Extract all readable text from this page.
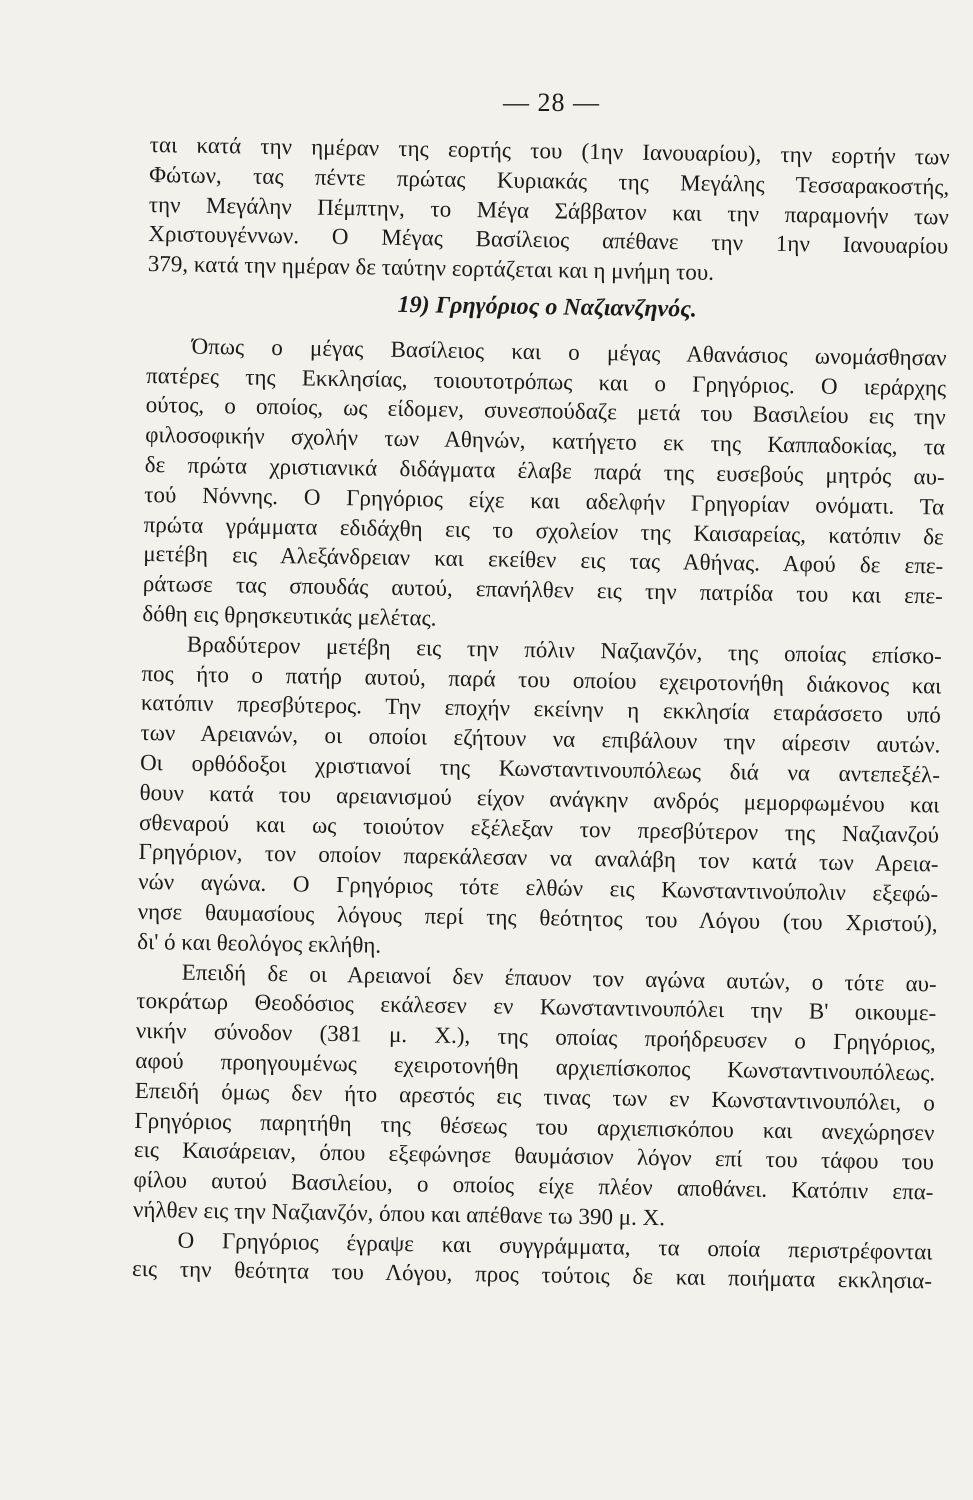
— 28 —
ται κατά την ημέραν της εορτής του (1ην Ιανουαρίου), την εορτήν των
Φώτων, τας πέντε πρώτας Κυριακάς της Μεγάλης Τεσσαρακοστής,
την Μεγάλην Πέμπτην, το Μέγα Σάββατον και την παραμονήν των
Χριστουγέννων. Ο Μέγας Βασίλειος απέθανε την 1ην Ιανουαρίου
379, κατά την ημέραν δε ταύτην εορτάζεται και η μνήμη του.
19) Γρηγόριος ο Ναζιανζηνός.
Όπως ο μέγας Βασίλειος και ο μέγας Αθανάσιος ωνομάσθησαν
πατέρες της Εκκλησίας, τοιουτοτρόπως και ο Γρηγόριος. Ο ιεράρχης
ούτος, ο οποίος, ως είδομεν, συνεσπούδαζε μετά του Βασιλείου εις την
φιλοσοφικήν σχολήν των Αθηνών, κατήγετο εκ της Καππαδοκίας, τα
δε πρώτα χριστιανικά διδάγματα έλαβε παρά της ευσεβούς μητρός αυ-
τού Νόννης. Ο Γρηγόριος είχε και αδελφήν Γρηγορίαν ονόματι. Τα
πρώτα γράμματα εδιδάχθη εις το σχολείον της Καισαρείας, κατόπιν δε
μετέβη εις Αλεξάνδρειαν και εκείθεν εις τας Αθήνας. Αφού δε επε-
ράτωσε τας σπουδάς αυτού, επανήλθεν εις την πατρίδα του και επε-
δόθη εις θρησκευτικάς μελέτας.
Βραδύτερον μετέβη εις την πόλιν Ναζιανζόν, της οποίας επίσκο-
πος ήτο ο πατήρ αυτού, παρά του οποίου εχειροτονήθη διάκονος και
κατόπιν πρεσβύτερος. Την εποχήν εκείνην η εκκλησία εταράσσετο υπό
των Αρειανών, οι οποίοι εζήτουν να επιβάλουν την αίρεσιν αυτών.
Οι ορθόδοξοι χριστιανοί της Κωνσταντινουπόλεως διά να αντεπεξέλ-
θουν κατά του αρειανισμού είχον ανάγκην ανδρός μεμορφωμένου και
σθεναρού και ως τοιούτον εξέλεξαν τον πρεσβύτερον της Ναζιανζού
Γρηγόριον, τον οποίον παρεκάλεσαν να αναλάβη τον κατά των Αρεια-
νών αγώνα. Ο Γρηγόριος τότε ελθών εις Κωνσταντινούπολιν εξεφώ-
νησε θαυμασίους λόγους περί της θεότητος του Λόγου (του Χριστού),
δι' ό και θεολόγος εκλήθη.
Επειδή δε οι Αρειανοί δεν έπαυον τον αγώνα αυτών, ο τότε αυ-
τοκράτωρ Θεοδόσιος εκάλεσεν εν Κωνσταντινουπόλει την Β' οικουμε-
νικήν σύνοδον (381 μ. Χ.), της οποίας προήδρευσεν ο Γρηγόριος,
αφού προηγουμένως εχειροτονήθη αρχιεπίσκοπος Κωνσταντινουπόλεως.
Επειδή όμως δεν ήτο αρεστός εις τινας των εν Κωνσταντινουπόλει, ο
Γρηγόριος παρητήθη της θέσεως του αρχιεπισκόπου και ανεχώρησεν
εις Καισάρειαν, όπου εξεφώνησε θαυμάσιον λόγον επί του τάφου του
φίλου αυτού Βασιλείου, ο οποίος είχε πλέον αποθάνει. Κατόπιν επα-
νήλθεν εις την Ναζιανζόν, όπου και απέθανε τω 390 μ. Χ.
Ο Γρηγόριος έγραψε και συγγράμματα, τα οποία περιστρέφονται
εις την θεότητα του Λόγου, προς τούτοις δε και ποιήματα εκκλησια-
